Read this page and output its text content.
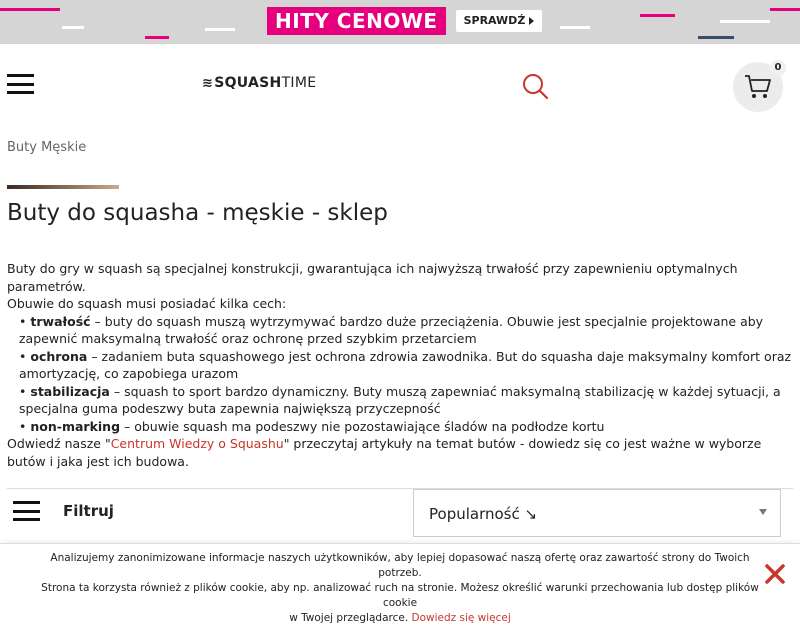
HITY CENOWE	SPRAWDŹ
≋SQUASHTIME
0
Buty Męskie
Buty do squasha - męskie - sklep

Buty do gry w squash są specjalnej konstrukcji, gwarantująca ich najwyższą trwałość przy zapewnieniu optymalnych parametrów.

Obuwie do squash musi posiadać kilka cech:

• trwałość – buty do squash muszą wytrzymywać bardzo duże przeciążenia. Obuwie jest specjalnie projektowane aby zapewnić maksymalną trwałość oraz ochronę przed szybkim przetarciem

• ochrona – zadaniem buta squashowego jest ochrona zdrowia zawodnika. But do squasha daje maksymalny komfort oraz amortyzację, co zapobiega urazom

• stabilizacja – squash to sport bardzo dynamiczny. Buty muszą zapewniać maksymalną stabilizację w każdej sytuacji, a specjalna guma podeszwy buta zapewnia największą przyczepność

• non-marking – obuwie squash ma podeszwy nie pozostawiające śladów na podłodze kortu

Odwiedź nasze "Centrum Wiedzy o Squashu" przeczytaj artykuły na temat butów - dowiedz się co jest ważne w wyborze butów i jaka jest ich budowa.

Filtruj	Popularność ↘
Analizujemy zanonimizowane informacje naszych użytkowników, aby lepiej dopasować naszą ofertę oraz zawartość strony do Twoich potrzeb.
Strona ta korzysta również z plików cookie, aby np. analizować ruch na stronie. Możesz określić warunki przechowania lub dostęp plików cookie
w Twojej przeglądarce. Dowiedz się więcej
